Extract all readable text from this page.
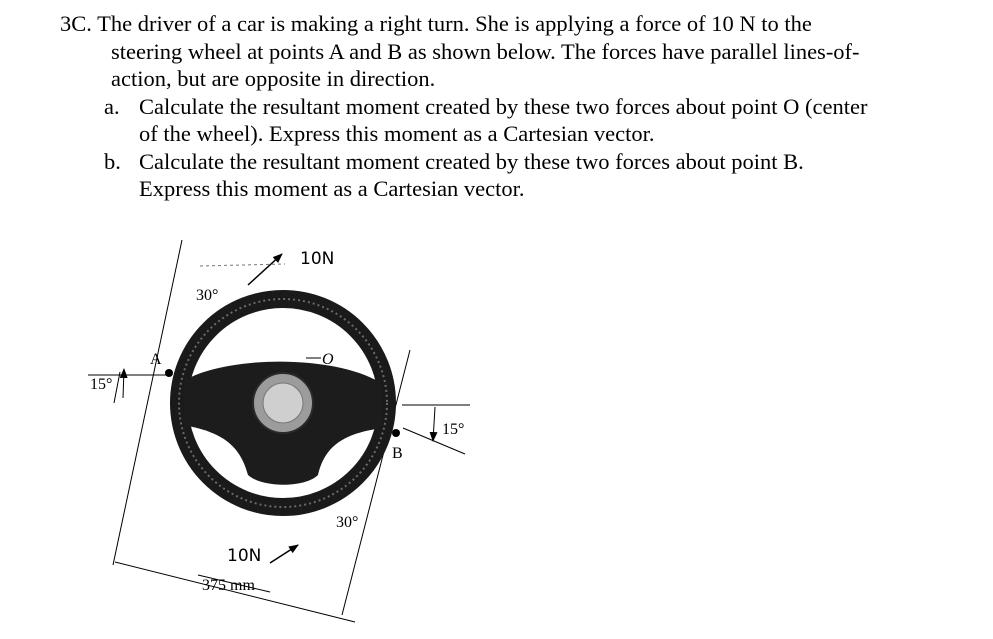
3C. The driver of a car is making a right turn. She is applying a force of 10 N to the

steering wheel at points A and B as shown below. The forces have parallel lines-of-

action, but are opposite in direction.

a. Calculate the resultant moment created by these two forces about point O (center

of the wheel). Express this moment as a Cartesian vector.

b. Calculate the resultant moment created by these two forces about point B.

Express this moment as a Cartesian vector.

10N
10N
30°
30°
15°
15°
A
B
O
375 mm
